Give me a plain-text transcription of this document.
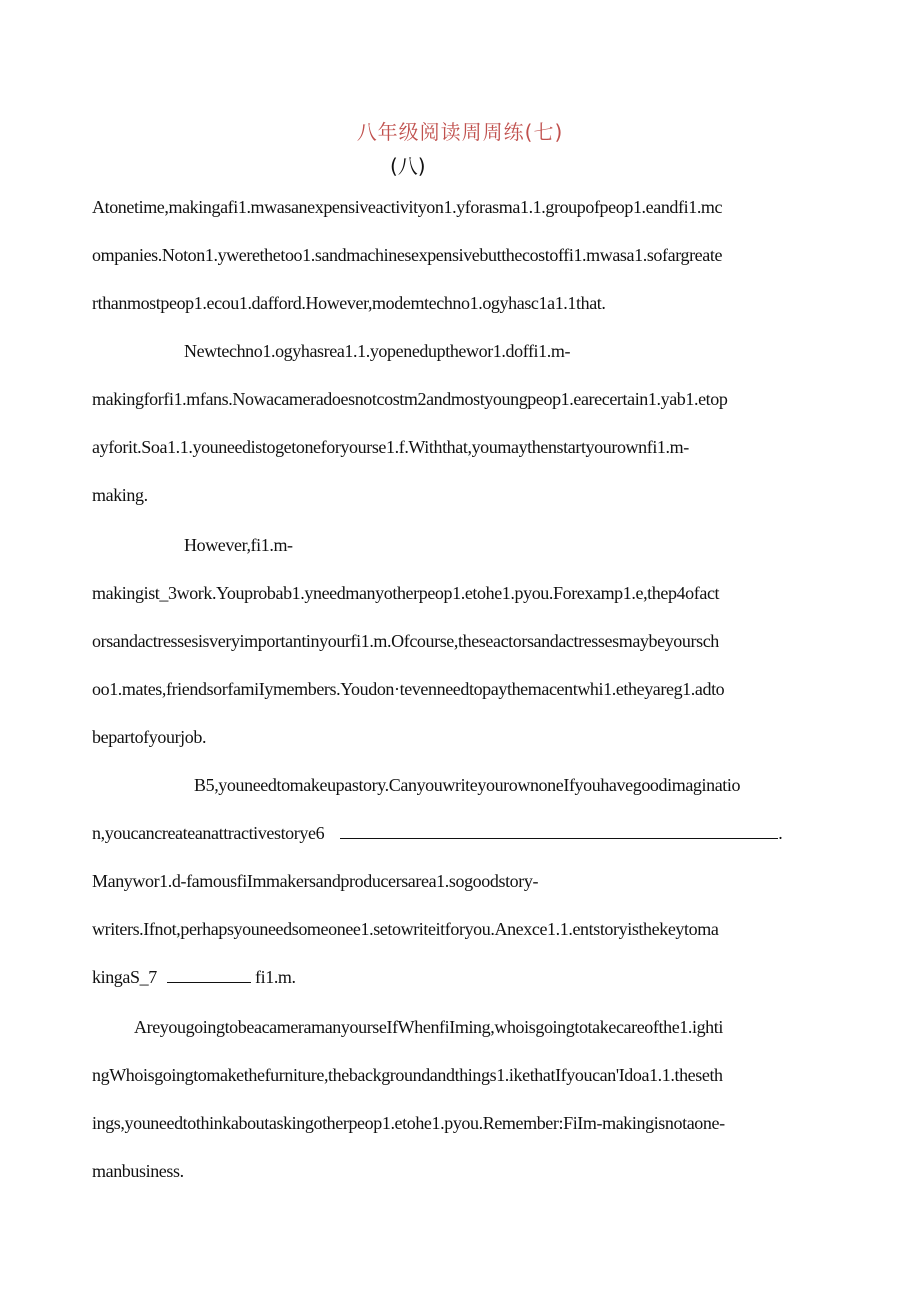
八年级阅读周周练(七)
(八)
Atonetime,makingafi1.mwasanexpensiveactivityon1.yforasma1.1.groupofpeop1.eandfi1.mc
ompanies.Noton1.ywerethetoo1.sandmachinesexpensivebutthecostoffi1.mwasa1.sofargreate
rthanmostpeop1.ecou1.dafford.However,modemtechno1.ogyhasc1a1.1that.
Newtechno1.ogyhasrea1.1.yopenedupthewor1.doffi1.m-
makingforfi1.mfans.Nowacameradoesnotcostm2andmostyoungpeop1.earecertain1.yab1.etop
ayforit.Soa1.1.youneedistogetoneforyourse1.f.Withthat,youmaythenstartyourownfi1.m-
making.
However,fi1.m-
makingist_3work.Youprobab1.yneedmanyotherpeop1.etohe1.pyou.Forexamp1.e,thep4ofact
orsandactressesisveryimportantinyourfi1.m.Ofcourse,theseactorsandactressesmaybeyoursch
oo1.mates,friendsorfamiIymembers.Youdon·tevenneedtopaythemacentwhi1.etheyareg1.adto
bepartofyourjob.
B5,youneedtomakeupastory.CanyouwriteyourownoneIfyouhavegoodimaginatio
n,youcancreateanattractivestorye6	.
Manywor1.d-famousfiImmakersandproducersarea1.sogoodstory-
writers.Ifnot,perhapsyouneedsomeonee1.setowriteitforyou.Anexce1.1.entstoryisthekeytoma
kingaS_7	fi1.m.
AreyougoingtobeacameramanyourseIfWhenfiIming,whoisgoingtotakecareofthe1.ighti
ngWhoisgoingtomakethefurniture,thebackgroundandthings1.ikethatIfyoucan'Idoa1.1.theseth
ings,youneedtothinkaboutaskingotherpeop1.etohe1.pyou.Remember:FiIm-makingisnotaone-
manbusiness.
